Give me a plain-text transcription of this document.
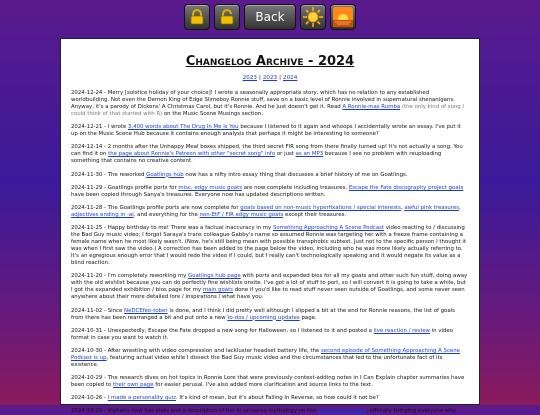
Back
Changelog Archive - 2024
2023 | 2023 | 2024

2024-12-24 - Merry [solstice holiday of your choice]! I wrote a seasonally appropriate story, which has no relation to any established worldbuilding. Not even the Demon King of Edge Slimeboy Ronnie stuff, save on a basic level of Ronnie involved in supernatural shenanigans. Anyway, it's a parody of Dickens' A Christmas Carol, but it's Ronnie. And he just doesn't get it. Read A Ronnie-mas Rumba (the only kind of song I could think of that started with R) on the Music Scene Musings section.

2024-12-21 - I wrote 3,400 words about The Drug In Me Is You because I listened to it again and whoops I accidentally wrote an essay. I've put it up on the Music Scene Hub because it contains enough analysis that perhaps it might be interesting to someone?

2024-12-14 - 2 months after the Unhappy Meal boxes shipped, the third secret FIR song from there finally turned up! It's not actually a song. You can find it on the page about Ronnie's Patreon with other "secret song" info or just as an MP3 because I see no problem with reuploading something that contains no creative content.

2024-11-30 - The reworked Goatlings hub now has a nifty intro essay thing that discusses a brief history of me on Goatlings.

2024-11-29 - Goatlings profile ports for misc. edgy music goats are now complete including treasures. Escape the Fate discography project goats have been copied through Sanya's treasures. Everyone now has updated descriptions written.

2024-11-28 - The Goatlings profile ports are now complete for goats based on non-music hyperfixations / special interests, awful pink treasures, adjectives ending in -al, and everything for the non-EtF / FIR edgy music goats except their treasures.

2024-11-25 - Happy birthday to me! There was a factual inaccuracy in my Something Approaching A Scene Podcast video reacting to / discussing the Bad Guy music video; I forgot Saraya's trans colleague Gabby's name so assumed Ronnie was targeting her with a freeze frame containing a female name when he most likely wasn't. (Now, he's still being mean with possible transphobic subtext. Just not to the specific person I thought it was when I first saw the video.) A correction has been added to the page below the video, including who he was more likely actually referring to. It's an egregious enough error that I would redo the video if I could, but I really can't technologically speaking and it would negate its value as a blind reaction.

2024-11-20 - I'm completely reworking my Goatlings hub page with ports and expanded bios for all my goats and other such fun stuff, doing away with the old wishlist because you can do perfectly fine wishlists onsite. I've got a lot of stuff to port, so I will convert it is going to take a while, but I got the expanded exhibition / bios page for my main goats done if you'd like to read stuff never seen outside of Goatlings, and some never seen anywhere about their more detailed lore / inspirations / what have you.

2024-11-02 - Since NeDCEfeo-tober is done, and I think I did pretty well although I slipped a bit at the end for Ronnie reasons, the list of goals from there has been rearranged a bit and put onto a new to-dos / upcoming updates page.

2024-10-31 - Unexpectedly, Escape the Fate dropped a new song for Halloween, so I listened to it and posted a live reaction / review in video format in case you want to watch it.

2024-10-30 - After wrestling with video compression and lackluster headset battery life, the second episode of Something Approaching A Scene Podcast is up, featuring actual video while I dissect the Bad Guy music video and the circumstances that led to the unfortunate fact of its existence.

2024-10-29 - The research dives on hot topics in Ronnie Lore that were previously context-adding notes in I Can Explain chapter summaries have been copied to their own page for easier perusal. I've also added more clarification and source links to the text.

2024-10-26 - I made a personality quiz. It's kind of mean, but it's about Falling In Reverse, so how could it not be?

2024-10-25 - Vipheriv now has stats and a description of her in-universe mythology on the Incarnations page, officially bringing everyone who
